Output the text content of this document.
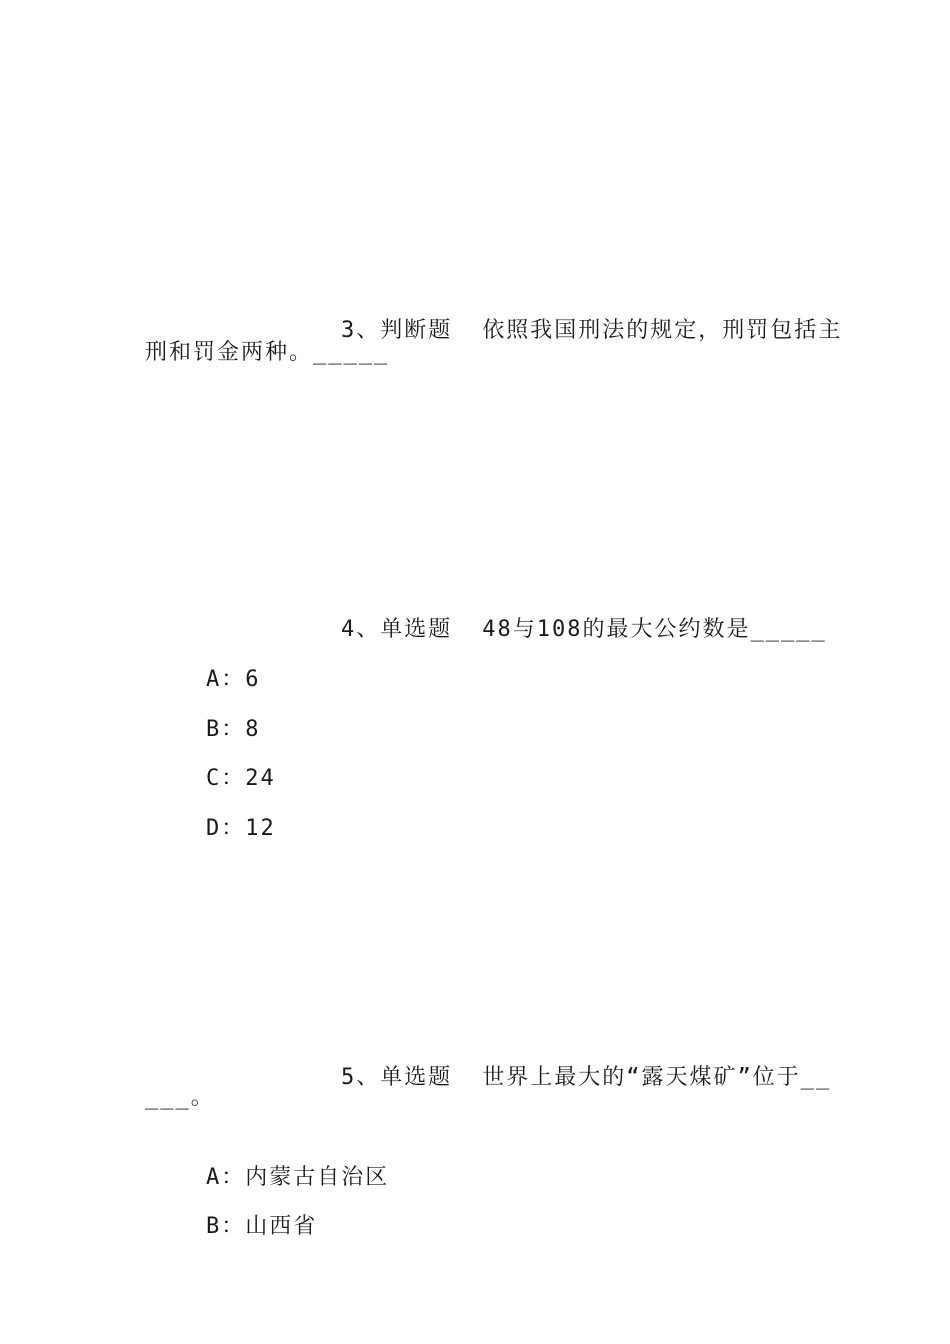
3、判断题 依照我国刑法的规定，刑罚包括主

刑和罚金两种。_____

4、单选题 48与108的最大公约数是_____

A：6

B：8

C：24

D：12

5、单选题 世界上最大的“露天煤矿”位于__

___。

A：内蒙古自治区

B：山西省
